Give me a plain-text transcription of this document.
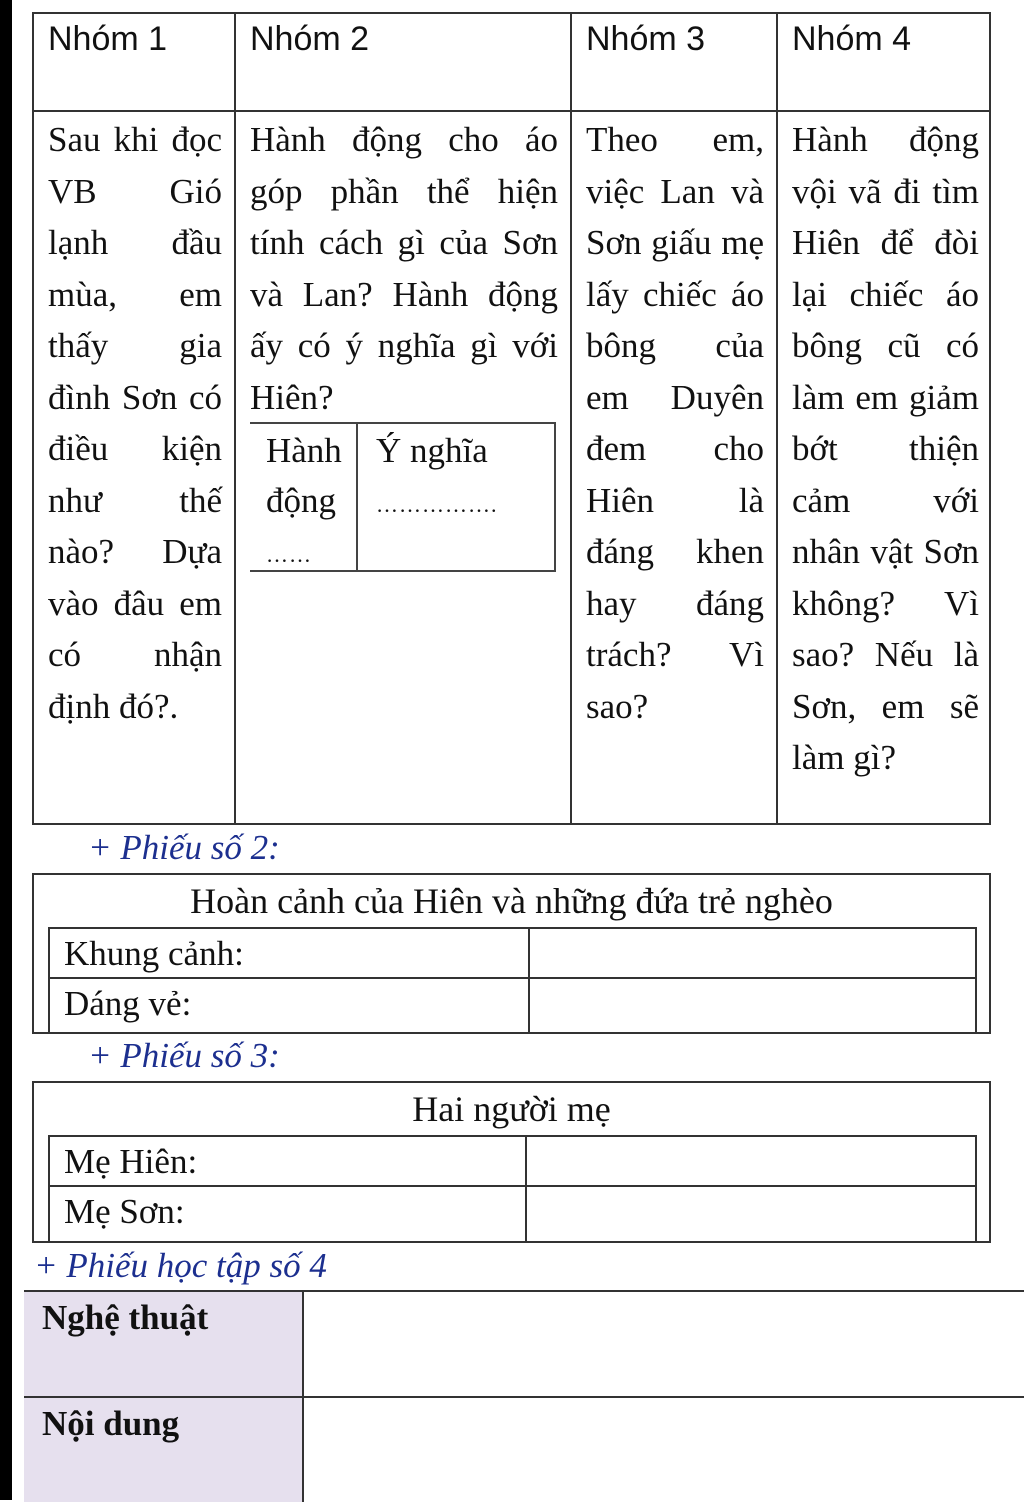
Nhóm 1
Sau khi đọc VB Gió lạnh đầu mùa, em thấy gia đình Sơn có điều kiện như thế nào? Dựa vào đâu em có nhận định đó?.
Nhóm 2
Hành động cho áo góp phần thể hiện tính cách gì của Sơn và Lan? Hành động ấy có ý nghĩa gì với Hiên?
Hành động
……
Ý nghĩa
…………….
Nhóm 3
Theo em, việc Lan và Sơn giấu mẹ lấy chiếc áo bông của em Duyên đem cho Hiên là đáng khen hay đáng trách? Vì sao?
Nhóm 4
Hành động vội vã đi tìm Hiên để đòi lại chiếc áo bông cũ có làm em giảm bớt thiện cảm với nhân vật Sơn không? Vì sao? Nếu là Sơn, em sẽ làm gì?
+ Phiếu số 2:
Hoàn cảnh của Hiên và những đứa trẻ nghèo
Khung cảnh:
Dáng vẻ:
+ Phiếu số 3:
Hai người mẹ
Mẹ Hiên:
Mẹ Sơn:
+ Phiếu học tập số 4
Nghệ thuật
Nội dung
